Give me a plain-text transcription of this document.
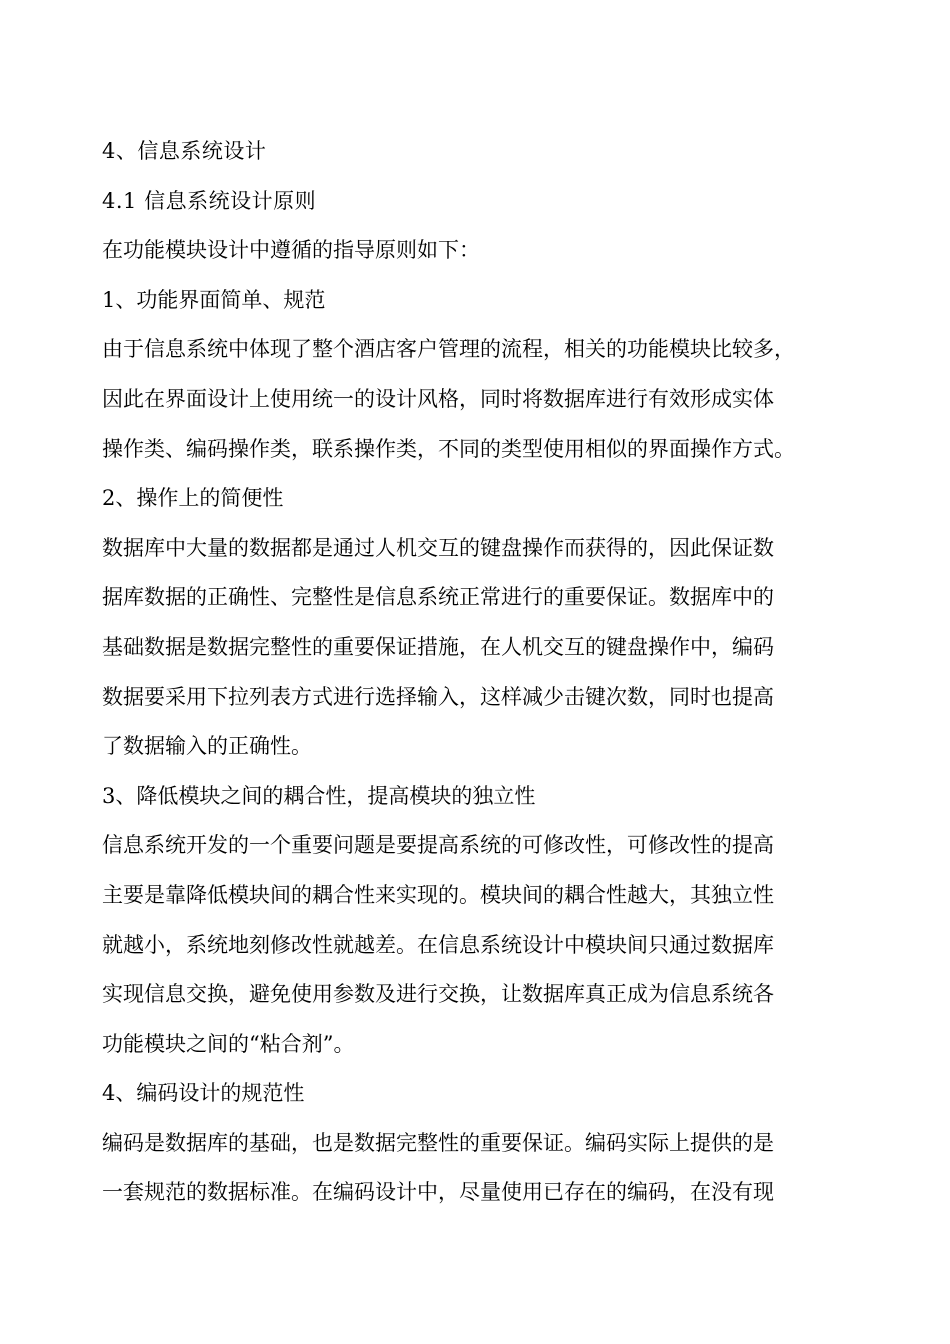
4、信息系统设计
4.1 信息系统设计原则
在功能模块设计中遵循的指导原则如下：
1、功能界面简单、规范
由于信息系统中体现了整个酒店客户管理的流程，相关的功能模块比较多，
因此在界面设计上使用统一的设计风格，同时将数据库进行有效形成实体
操作类、编码操作类，联系操作类，不同的类型使用相似的界面操作方式。
2、操作上的简便性
数据库中大量的数据都是通过人机交互的键盘操作而获得的，因此保证数
据库数据的正确性、完整性是信息系统正常进行的重要保证。数据库中的
基础数据是数据完整性的重要保证措施，在人机交互的键盘操作中，编码
数据要采用下拉列表方式进行选择输入，这样减少击键次数，同时也提高
了数据输入的正确性。
3、降低模块之间的耦合性，提高模块的独立性
信息系统开发的一个重要问题是要提高系统的可修改性，可修改性的提高
主要是靠降低模块间的耦合性来实现的。模块间的耦合性越大，其独立性
就越小，系统地刻修改性就越差。在信息系统设计中模块间只通过数据库
实现信息交换，避免使用参数及进行交换，让数据库真正成为信息系统各
功能模块之间的“粘合剂”。
4、编码设计的规范性
编码是数据库的基础，也是数据完整性的重要保证。编码实际上提供的是
一套规范的数据标准。在编码设计中，尽量使用已存在的编码，在没有现
